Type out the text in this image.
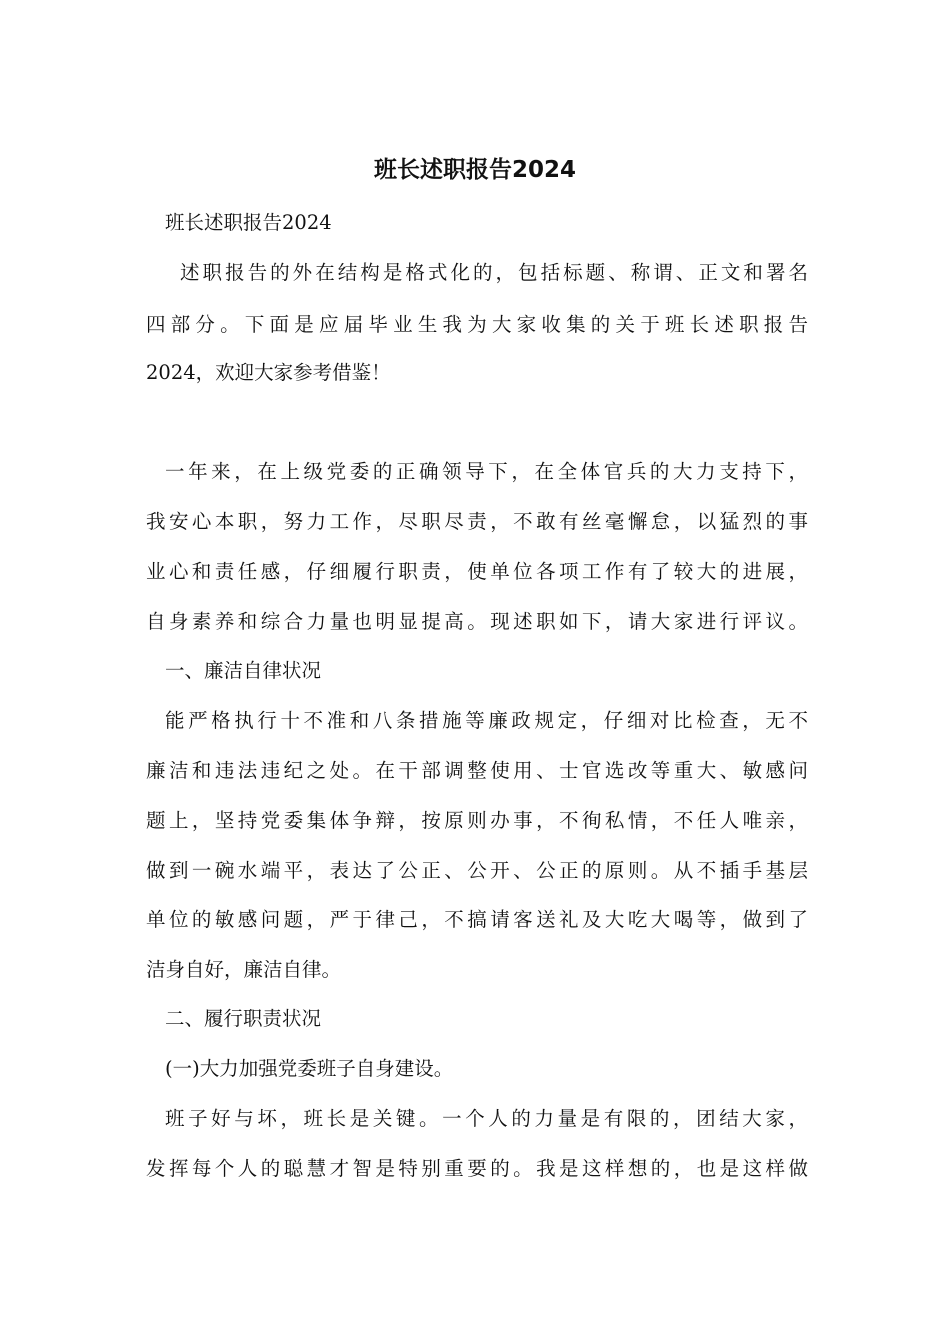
班长述职报告2024

班长述职报告2024

述职报告的外在结构是格式化的，包括标题、称谓、正文和署名

四部分。下面是应届毕业生我为大家收集的关于班长述职报告

2024，欢迎大家参考借鉴！

一年来，在上级党委的正确领导下，在全体官兵的大力支持下，

我安心本职，努力工作，尽职尽责，不敢有丝毫懈怠，以猛烈的事

业心和责任感，仔细履行职责，使单位各项工作有了较大的进展，

自身素养和综合力量也明显提高。现述职如下，请大家进行评议。

一、廉洁自律状况

能严格执行十不准和八条措施等廉政规定，仔细对比检查，无不

廉洁和违法违纪之处。在干部调整使用、士官选改等重大、敏感问

题上，坚持党委集体争辩，按原则办事，不徇私情，不任人唯亲，

做到一碗水端平，表达了公正、公开、公正的原则。从不插手基层

单位的敏感问题，严于律己，不搞请客送礼及大吃大喝等，做到了

洁身自好，廉洁自律。

二、履行职责状况

(一)大力加强党委班子自身建设。

班子好与坏，班长是关键。一个人的力量是有限的，团结大家，

发挥每个人的聪慧才智是特别重要的。我是这样想的，也是这样做
